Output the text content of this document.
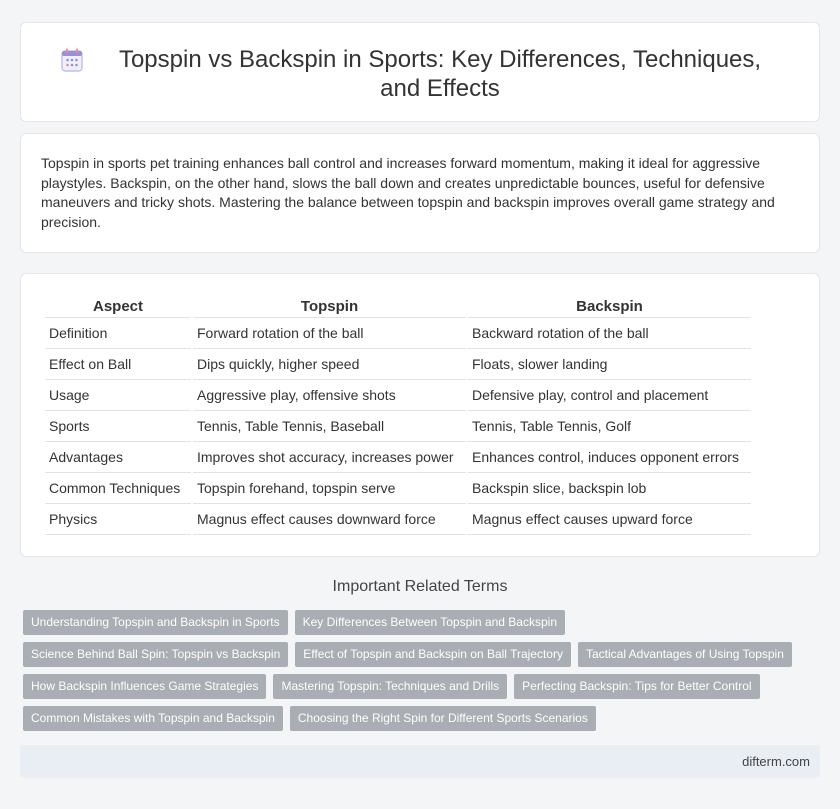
Topspin vs Backspin in Sports: Key Differences, Techniques, and Effects

Topspin in sports pet training enhances ball control and increases forward momentum, making it ideal for aggressive playstyles. Backspin, on the other hand, slows the ball down and creates unpredictable bounces, useful for defensive maneuvers and tricky shots. Mastering the balance between topspin and backspin improves overall game strategy and precision.

Aspect	Topspin	Backspin
Definition	Forward rotation of the ball	Backward rotation of the ball
Effect on Ball	Dips quickly, higher speed	Floats, slower landing
Usage	Aggressive play, offensive shots	Defensive play, control and placement
Sports	Tennis, Table Tennis, Baseball	Tennis, Table Tennis, Golf
Advantages	Improves shot accuracy, increases power	Enhances control, induces opponent errors
Common Techniques	Topspin forehand, topspin serve	Backspin slice, backspin lob
Physics	Magnus effect causes downward force	Magnus effect causes upward force
Important Related Terms
Understanding Topspin and Backspin in Sports	Key Differences Between Topspin and Backspin
Science Behind Ball Spin: Topspin vs Backspin	Effect of Topspin and Backspin on Ball Trajectory	Tactical Advantages of Using Topspin
How Backspin Influences Game Strategies	Mastering Topspin: Techniques and Drills	Perfecting Backspin: Tips for Better Control
Common Mistakes with Topspin and Backspin	Choosing the Right Spin for Different Sports Scenarios
difterm.com
